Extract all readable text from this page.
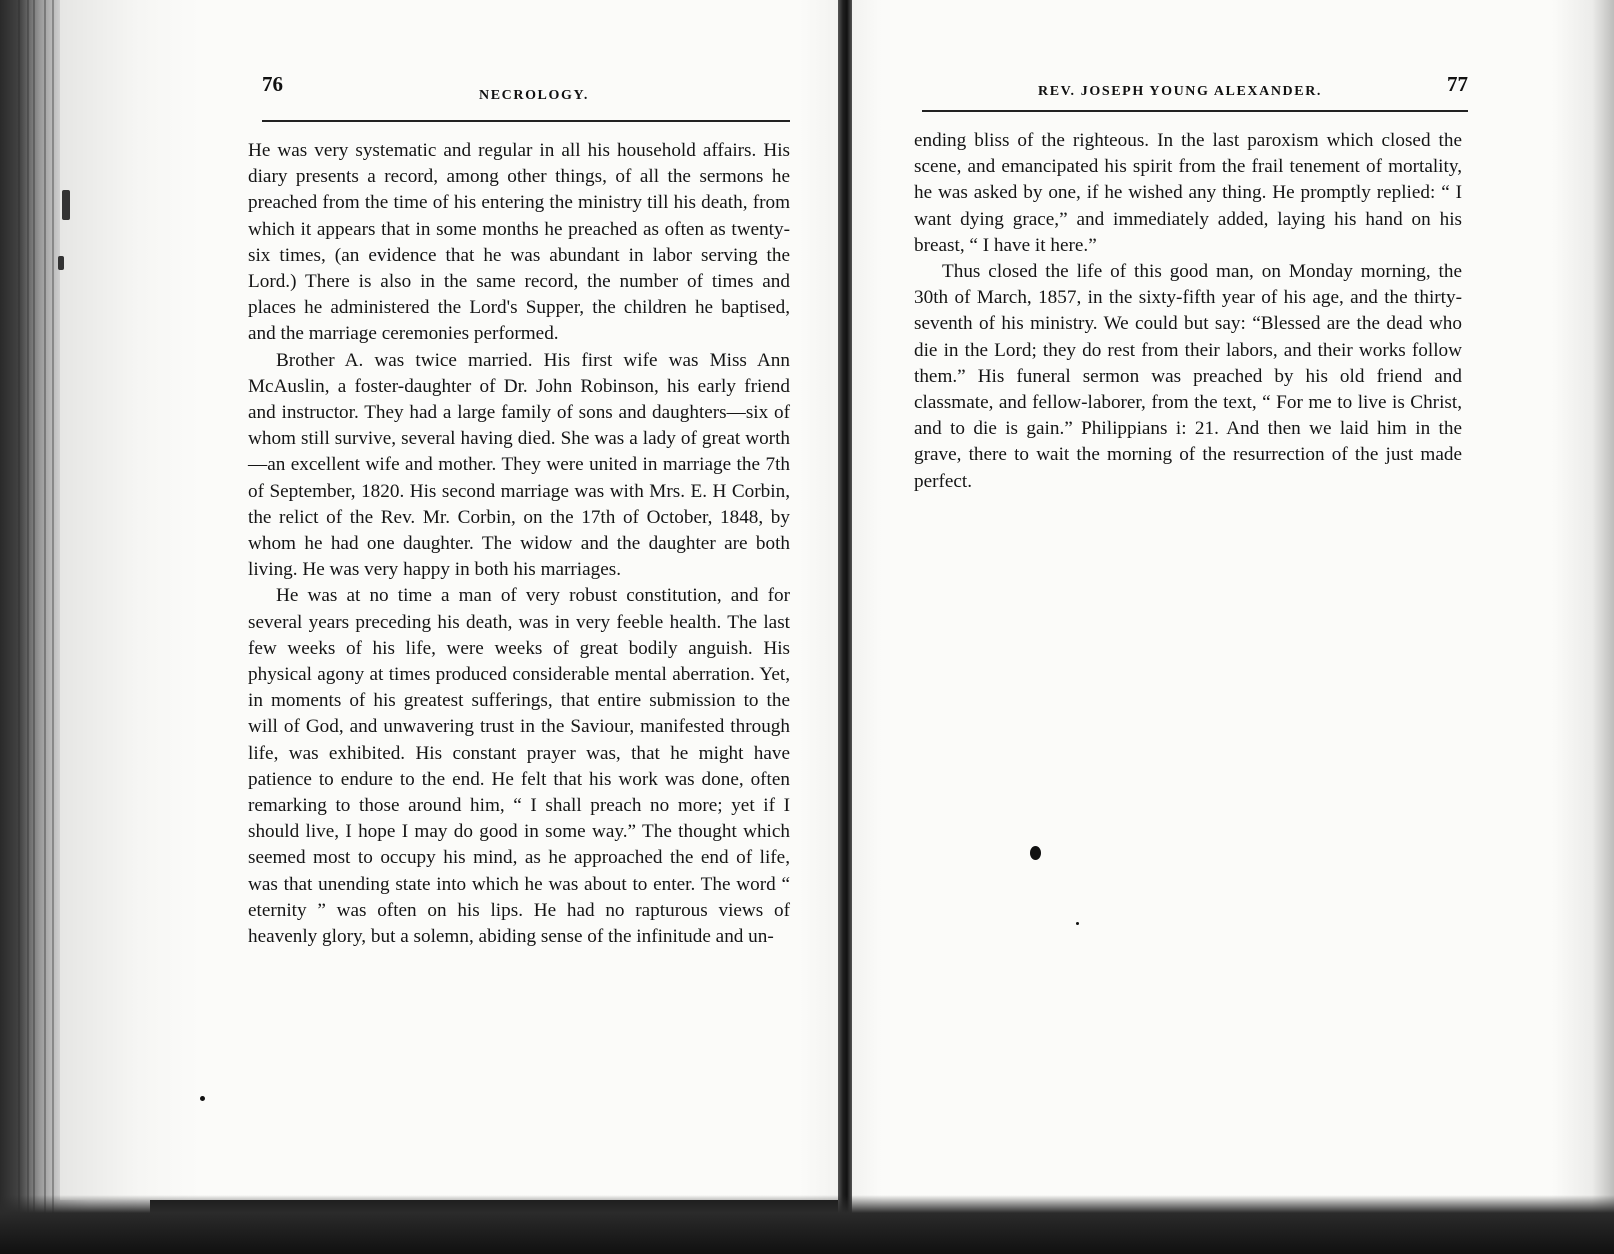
76	NECROLOGY.

He was very systematic and regular in all his household affairs. His diary presents a record, among other things, of all the sermons he preached from the time of his entering the ministry till his death, from which it appears that in some months he preached as often as twenty-six times, (an evidence that he was abundant in labor serving the Lord.) There is also in the same record, the number of times and places he administered the Lord's Supper, the children he baptised, and the marriage ceremonies performed.

Brother A. was twice married. His first wife was Miss Ann McAuslin, a foster-daughter of Dr. John Robinson, his early friend and instructor. They had a large family of sons and daughters—six of whom still survive, several having died. She was a lady of great worth—an excellent wife and mother. They were united in marriage the 7th of September, 1820. His second marriage was with Mrs. E. H Corbin, the relict of the Rev. Mr. Corbin, on the 17th of October, 1848, by whom he had one daughter. The widow and the daughter are both living. He was very happy in both his marriages.

He was at no time a man of very robust constitution, and for several years preceding his death, was in very feeble health. The last few weeks of his life, were weeks of great bodily anguish. His physical agony at times produced considerable mental aberration. Yet, in moments of his greatest sufferings, that entire submission to the will of God, and unwavering trust in the Saviour, manifested through life, was exhibited. His constant prayer was, that he might have patience to endure to the end. He felt that his work was done, often remarking to those around him, “ I shall preach no more; yet if I should live, I hope I may do good in some way.” The thought which seemed most to occupy his mind, as he approached the end of life, was that unending state into which he was about to enter. The word “ eternity ” was often on his lips. He had no rapturous views of heavenly glory, but a solemn, abiding sense of the infinitude and un-

REV. JOSEPH YOUNG ALEXANDER.	77

ending bliss of the righteous. In the last paroxism which closed the scene, and emancipated his spirit from the frail tenement of mortality, he was asked by one, if he wished any thing. He promptly replied: “ I want dying grace,” and immediately added, laying his hand on his breast, “ I have it here.”

Thus closed the life of this good man, on Monday morning, the 30th of March, 1857, in the sixty-fifth year of his age, and the thirty-seventh of his ministry. We could but say: “Blessed are the dead who die in the Lord; they do rest from their labors, and their works follow them.” His funeral sermon was preached by his old friend and classmate, and fellow-laborer, from the text, “ For me to live is Christ, and to die is gain.” Philippians i: 21. And then we laid him in the grave, there to wait the morning of the resurrection of the just made perfect.
